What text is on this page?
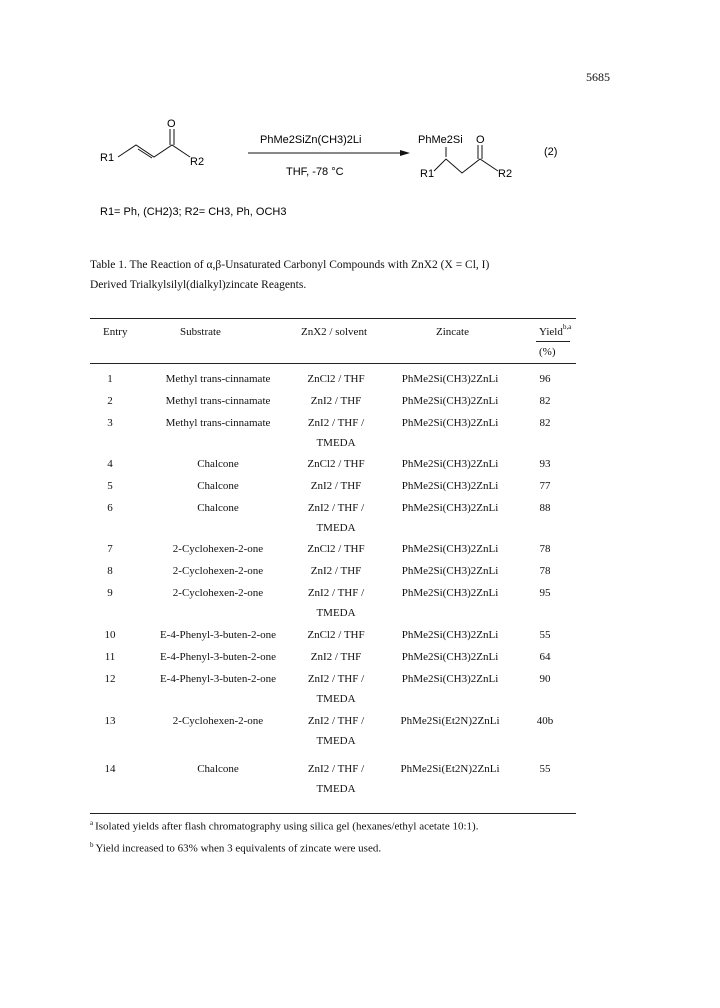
5685
R1
O
R2
PhMe2SiZn(CH3)2Li
THF, -78 °C
PhMe2Si
R1
O
R2
(2)
R1= Ph, (CH2)3; R2= CH3, Ph, OCH3
Table 1. The Reaction of α,β-Unsaturated Carbonyl Compounds with ZnX2 (X = Cl, I)
Derived Trialkylsilyl(dialkyl)zincate Reagents.
Entry	Substrate	ZnX2 / solvent	Zincate	Yield b,a
(%)
1	Methyl trans-cinnamate	ZnCl2 / THF	PhMe2Si(CH3)2ZnLi	96
2	Methyl trans-cinnamate	ZnI2 / THF	PhMe2Si(CH3)2ZnLi	82
3	Methyl trans-cinnamate	ZnI2 / THF /	PhMe2Si(CH3)2ZnLi	82
TMEDA
4	Chalcone	ZnCl2 / THF	PhMe2Si(CH3)2ZnLi	93
5	Chalcone	ZnI2 / THF	PhMe2Si(CH3)2ZnLi	77
6	Chalcone	ZnI2 / THF /	PhMe2Si(CH3)2ZnLi	88
TMEDA
7	2-Cyclohexen-2-one	ZnCl2 / THF	PhMe2Si(CH3)2ZnLi	78
8	2-Cyclohexen-2-one	ZnI2 / THF	PhMe2Si(CH3)2ZnLi	78
9	2-Cyclohexen-2-one	ZnI2 / THF /	PhMe2Si(CH3)2ZnLi	95
TMEDA
10	E-4-Phenyl-3-buten-2-one	ZnCl2 / THF	PhMe2Si(CH3)2ZnLi	55
11	E-4-Phenyl-3-buten-2-one	ZnI2 / THF	PhMe2Si(CH3)2ZnLi	64
12	E-4-Phenyl-3-buten-2-one	ZnI2 / THF /	PhMe2Si(CH3)2ZnLi	90
TMEDA
13	2-Cyclohexen-2-one	ZnI2 / THF /	PhMe2Si(Et2N)2ZnLi	40b
TMEDA
14	Chalcone	ZnI2 / THF /	PhMe2Si(Et2N)2ZnLi	55
TMEDA
$^a$ Isolated yields after flash chromatography using silica gel (hexanes/ethyl acetate 10:1).
$^b$ Yield increased to 63% when 3 equivalents of zincate were used.
